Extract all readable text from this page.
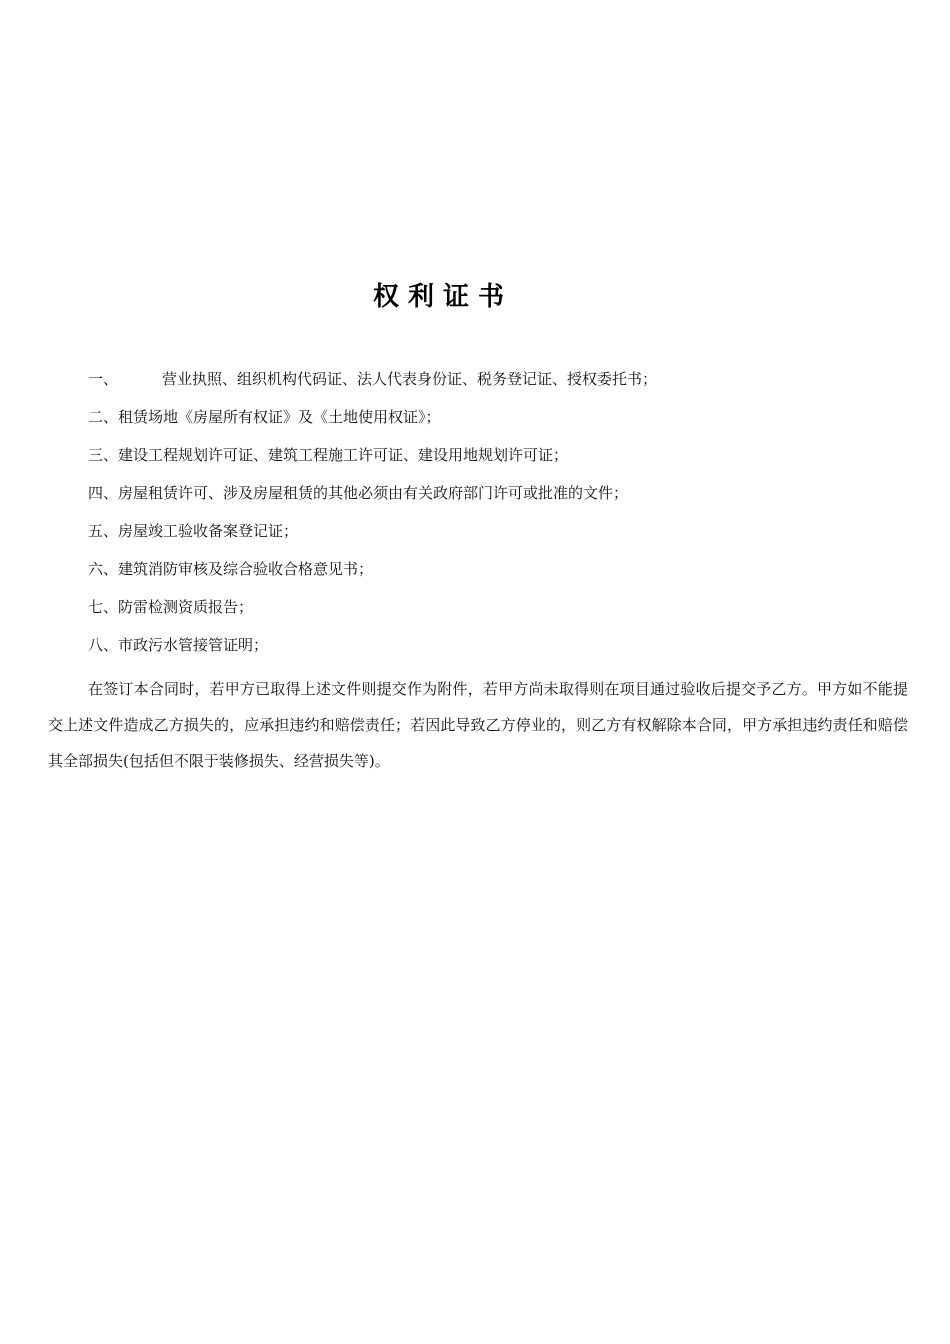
权利证书
一、	营业执照、组织机构代码证、法人代表身份证、税务登记证、授权委托书；
二、租赁场地《房屋所有权证》及《土地使用权证》；
三、建设工程规划许可证、建筑工程施工许可证、建设用地规划许可证；
四、房屋租赁许可、涉及房屋租赁的其他必须由有关政府部门许可或批准的文件；
五、房屋竣工验收备案登记证；
六、建筑消防审核及综合验收合格意见书；
七、防雷检测资质报告；
八、市政污水管接管证明；
在签订本合同时，若甲方已取得上述文件则提交作为附件，若甲方尚未取得则在项目通过验收后提交予乙方。甲方如不能提交上述文件造成乙方损失的，应承担违约和赔偿责任；若因此导致乙方停业的，则乙方有权解除本合同，甲方承担违约责任和赔偿其全部损失(包括但不限于装修损失、经营损失等)。
